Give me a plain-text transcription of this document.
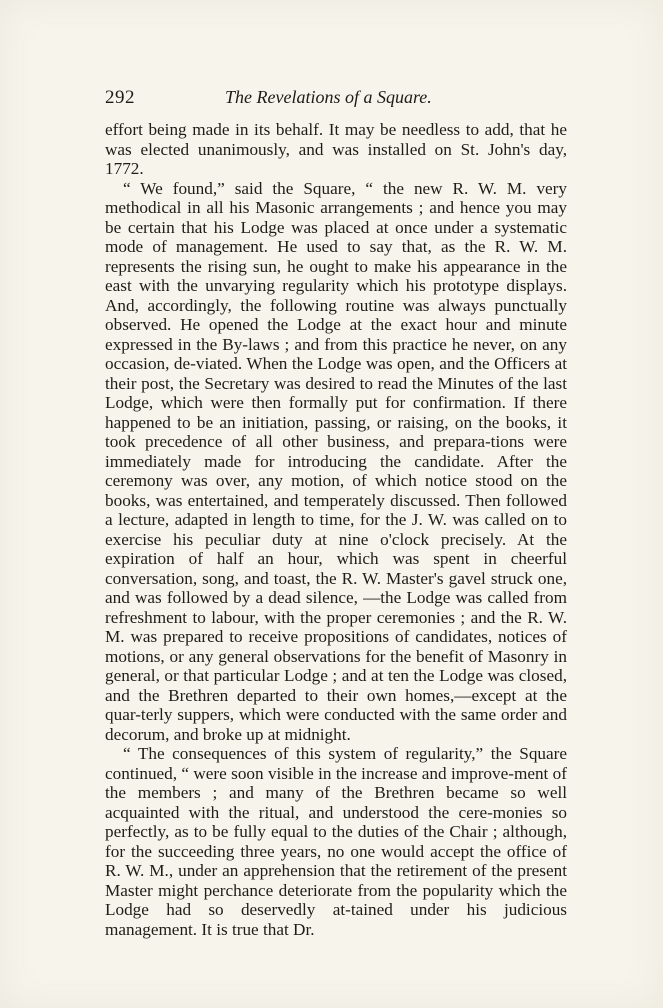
292	The Revelations of a Square.

effort being made in its behalf. It may be needless to add, that he was elected unanimously, and was installed on St. John's day, 1772.

“ We found,” said the Square, “ the new R. W. M. very methodical in all his Masonic arrangements ; and hence you may be certain that his Lodge was placed at once under a systematic mode of management. He used to say that, as the R. W. M. represents the rising sun, he ought to make his appearance in the east with the unvarying regularity which his prototype displays. And, accordingly, the following routine was always punctually observed. He opened the Lodge at the exact hour and minute expressed in the By-laws ; and from this practice he never, on any occasion, de-viated. When the Lodge was open, and the Officers at their post, the Secretary was desired to read the Minutes of the last Lodge, which were then formally put for confirmation. If there happened to be an initiation, passing, or raising, on the books, it took precedence of all other business, and prepara-tions were immediately made for introducing the candidate. After the ceremony was over, any motion, of which notice stood on the books, was entertained, and temperately discussed. Then followed a lecture, adapted in length to time, for the J. W. was called on to exercise his peculiar duty at nine o'clock precisely. At the expiration of half an hour, which was spent in cheerful conversation, song, and toast, the R. W. Master's gavel struck one, and was followed by a dead silence, —the Lodge was called from refreshment to labour, with the proper ceremonies ; and the R. W. M. was prepared to receive propositions of candidates, notices of motions, or any general observations for the benefit of Masonry in general, or that particular Lodge ; and at ten the Lodge was closed, and the Brethren departed to their own homes,—except at the quar-terly suppers, which were conducted with the same order and decorum, and broke up at midnight.

“ The consequences of this system of regularity,” the Square continued, “ were soon visible in the increase and improve-ment of the members ; and many of the Brethren became so well acquainted with the ritual, and understood the cere-monies so perfectly, as to be fully equal to the duties of the Chair ; although, for the succeeding three years, no one would accept the office of R. W. M., under an apprehension that the retirement of the present Master might perchance deteriorate from the popularity which the Lodge had so deservedly at-tained under his judicious management. It is true that Dr.
